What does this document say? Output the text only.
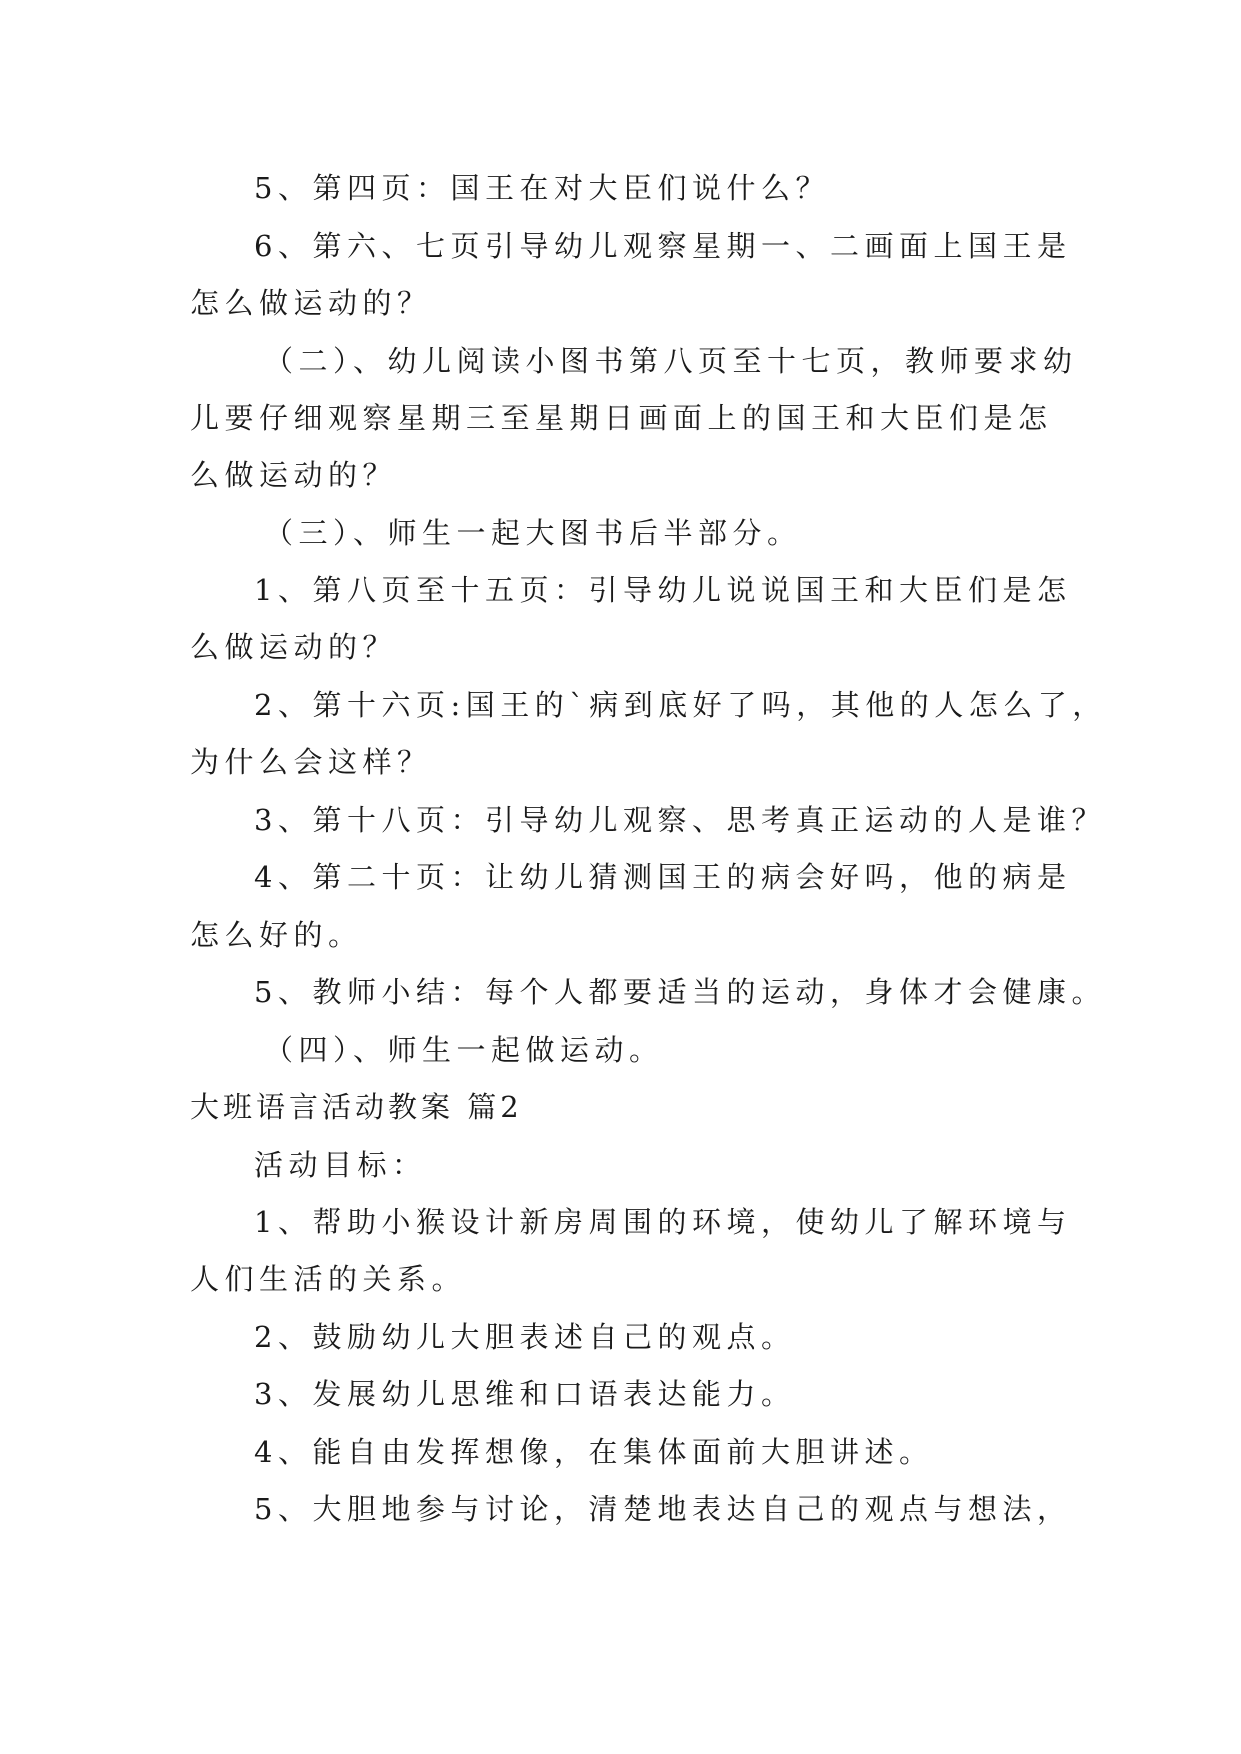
5、第四页：国王在对大臣们说什么？
6、第六、七页引导幼儿观察星期一、二画面上国王是
怎么做运动的？
（二）、幼儿阅读小图书第八页至十七页，教师要求幼
儿要仔细观察星期三至星期日画面上的国王和大臣们是怎
么做运动的？
（三）、师生一起大图书后半部分。
1、第八页至十五页：引导幼儿说说国王和大臣们是怎
么做运动的？
2、第十六页:国王的`病到底好了吗，其他的人怎么了，
为什么会这样？
3、第十八页：引导幼儿观察、思考真正运动的人是谁？
4、第二十页：让幼儿猜测国王的病会好吗，他的病是
怎么好的。
5、教师小结：每个人都要适当的运动，身体才会健康。
（四）、师生一起做运动。
大班语言活动教案 篇2
活动目标：
1、帮助小猴设计新房周围的环境，使幼儿了解环境与
人们生活的关系。
2、鼓励幼儿大胆表述自己的观点。
3、发展幼儿思维和口语表达能力。
4、能自由发挥想像，在集体面前大胆讲述。
5、大胆地参与讨论，清楚地表达自己的观点与想法，
